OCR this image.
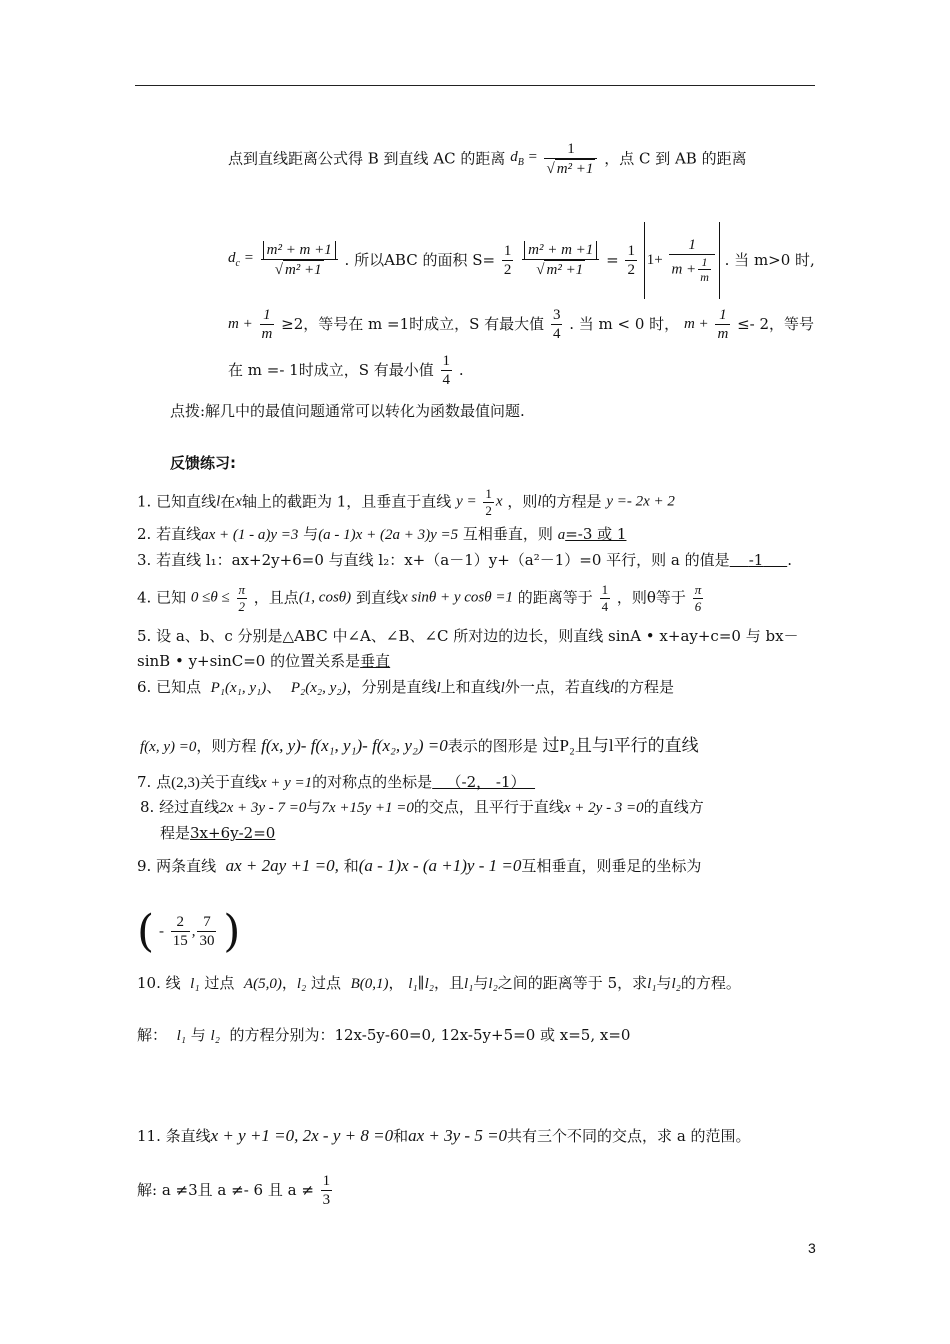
点到直线距离公式得 B 到直线 AC 的距离 $d_B = \frac{1}{\text{√ m² +1}}$ ，点 C 到 AB 的距离
$d_c = \frac{\text{m² + m +1}}{\text{√ m² +1}}$ . 所以ABC 的面积 $S= \frac{1}{2}$
$\frac{\text{m² + m +1}}{\text{√ m² +1}} = \frac{1}{2} 1+ \frac{1}{m + \frac{1}{m}}$ . 当 m>0 时,
$m + \frac{1}{m} \ge 2$，等号在 m =1时成立，S 有最大值 $\frac{3}{4}$ . 当 m < 0 时， $m + \frac{1}{m} \le- 2$，等号
在 m =- 1时成立，S 有最小值 $\frac{1}{4}$ .
点拨:解几中的最值问题通常可以转化为函数最值问题.
反馈练习:
1. 已知直线l在x轴上的截距为 1，且垂直于直线 $y = \frac{1}{2}$ x ，则l的方程是 y =- 2x + 2
2. 若直线ax + (1 - a)y =3 与(a - 1)x + (2a + 3)y =5 互相垂直，则 a=-3 或 1
3. 若直线 l₁：ax+2y+6=0 与直线 l₂：x+（a－1）y+（a²－1）=0 平行，则 a 的值是 -1 .
4. 已知 $0 \le\theta \le \frac{\pi}{2}$ ，且点(1, cosθ) 到直线x sinθ + y cosθ =1 的距离等于 $\frac{1}{4}$ ，则θ等于 $\frac{\pi}{6}$
5. 设 a、b、c 分别是△ABC 中∠A、∠B、∠C 所对边的边长，则直线 sinA • x+ay+c=0 与 bx－
sinB • y+sinC=0 的位置关系是垂直
6. 已知点 P₁(x₁, y₁)、 P₂(x₂, y₂)，分别是直线l上和直线l外一点，若直线l的方程是
f(x, y) =0，则方程 f(x, y)- f(x₁, y₁)- f(x₂, y₂) =0表示的图形是 过P₂且与l平行的直线
7. 点(2,3)关于直线x + y =1的对称点的坐标是 （-2， -1）
8. 经过直线2x + 3y - 7 =0与7x +15y +1 =0的交点，且平行于直线x + 2y - 3 =0的直线方
程是3x+6y-2=0
9. 两条直线 ax + 2ay +1 =0, 和(a - 1)x - (a +1)y - 1 =0互相垂直，则垂足的坐标为
( - $\frac{2}{15}$ , $\frac{7}{30}$ )
10. 线 l₁ 过点 A(5,0)，l₂ 过点 B(0,1)， l₁∥l₂，且l₁与l₂之间的距离等于 5，求l₁与l₂的方程。
解： l₁ 与 l₂ 的方程分别为：12x-5y-60=0, 12x-5y+5=0 或 x=5, x=0
11. 条直线x + y +1 =0, 2x - y + 8 =0和ax + 3y - 5 =0共有三个不同的交点，求 a 的范围。
解: a ≠3且 a ≠- 6 且 $a \ne \frac{1}{3}$
3
